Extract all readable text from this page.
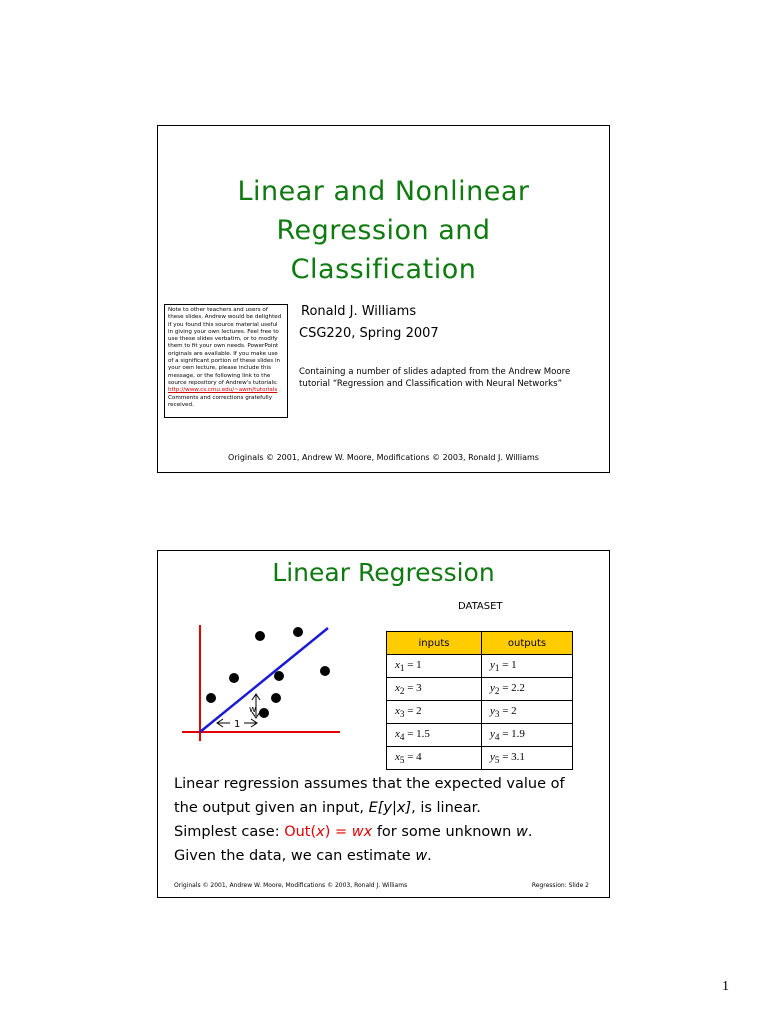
Linear and Nonlinear
Regression and
Classification
Note to other teachers and users of these slides. Andrew would be delighted if you found this source material useful in giving your own lectures. Feel free to use these slides verbatim, or to modify them to fit your own needs. PowerPoint originals are available. If you make use of a significant portion of these slides in your own lecture, please include this message, or the following link to the source repository of Andrew's tutorials: http://www.cs.cmu.edu/~awm/tutorials . Comments and corrections gratefully received.
Ronald J. Williams
CSG220, Spring 2007
Containing a number of slides adapted from the Andrew Moore
tutorial “Regression and Classification with Neural Networks”
Originals © 2001, Andrew W. Moore, Modifications © 2003, Ronald J. Williams
Linear Regression
DATASET
w
1
inputs	outputs
$x_1 = 1$	$y_1 = 1$
$x_2 = 3$	$y_2 = 2.2$
$x_3 = 2$	$y_3 = 2$
$x_4 = 1.5$	$y_4 = 1.9$
$x_5 = 4$	$y_5 = 3.1$

Linear regression assumes that the expected value of

the output given an input, E[y|x], is linear.

Simplest case: Out(x) = wx for some unknown w.

Given the data, we can estimate w.

Originals © 2001, Andrew W. Moore, Modifications © 2003, Ronald J. Williams	Regression: Slide 2
1
